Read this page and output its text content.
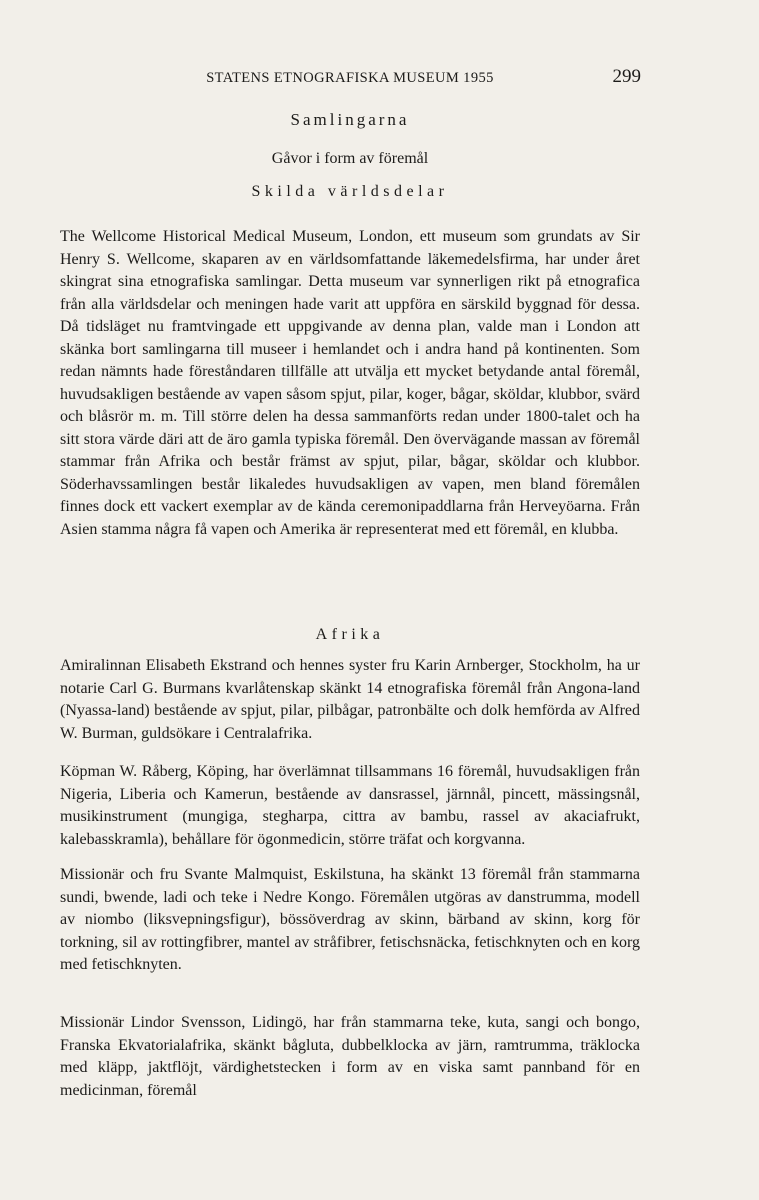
STATENS ETNOGRAFISKA MUSEUM 1955	299
Samlingarna
Gåvor i form av föremål
Skilda världsdelar
The Wellcome Historical Medical Museum, London, ett museum som grundats av Sir Henry S. Wellcome, skaparen av en världsomfattande läkemedelsfirma, har under året skingrat sina etnografiska samlingar. Detta museum var synnerligen rikt på etnografica från alla världsdelar och meningen hade varit att uppföra en särskild byggnad för dessa. Då tidsläget nu framtvingade ett uppgivande av denna plan, valde man i London att skänka bort samlingarna till museer i hemlandet och i andra hand på kontinenten. Som redan nämnts hade föreståndaren tillfälle att utvälja ett mycket betydande antal föremål, huvudsakligen bestående av vapen såsom spjut, pilar, koger, bågar, sköldar, klubbor, svärd och blåsrör m. m. Till större delen ha dessa sammanförts redan under 1800-talet och ha sitt stora värde däri att de äro gamla typiska föremål. Den övervägande massan av föremål stammar från Afrika och består främst av spjut, pilar, bågar, sköldar och klubbor. Söderhavssamlingen består likaledes huvudsakligen av vapen, men bland föremålen finnes dock ett vackert exemplar av de kända ceremonipaddlarna från Herveyöarna. Från Asien stamma några få vapen och Amerika är representerat med ett föremål, en klubba.
Afrika
Amiralinnan Elisabeth Ekstrand och hennes syster fru Karin Arnberger, Stockholm, ha ur notarie Carl G. Burmans kvarlåtenskap skänkt 14 etnografiska föremål från Angona-land (Nyassa-land) bestående av spjut, pilar, pilbågar, patronbälte och dolk hemförda av Alfred W. Burman, guldsökare i Centralafrika.
Köpman W. Råberg, Köping, har överlämnat tillsammans 16 föremål, huvudsakligen från Nigeria, Liberia och Kamerun, bestående av dansrassel, järnnål, pincett, mässingsnål, musikinstrument (mungiga, stegharpa, cittra av bambu, rassel av akaciafrukt, kalebasskramla), behållare för ögonmedicin, större träfat och korgvanna.
Missionär och fru Svante Malmquist, Eskilstuna, ha skänkt 13 föremål från stammarna sundi, bwende, ladi och teke i Nedre Kongo. Föremålen utgöras av danstrumma, modell av niombo (liksvepningsfigur), bössöverdrag av skinn, bärband av skinn, korg för torkning, sil av rottingfibrer, mantel av stråfibrer, fetischsnäcka, fetischknyten och en korg med fetischknyten.
Missionär Lindor Svensson, Lidingö, har från stammarna teke, kuta, sangi och bongo, Franska Ekvatorialafrika, skänkt bågluta, dubbelklocka av järn, ramtrumma, träklocka med kläpp, jaktflöjt, värdighetstecken i form av en viska samt pannband för en medicinman, föremål
